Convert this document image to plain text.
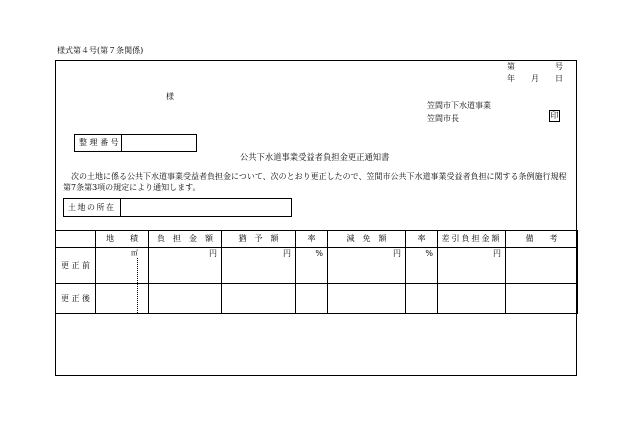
様式第４号(第７条関係)
第　　　号
年　　月　　日
様
笠間市下水道事業
笠間市長	印
整 理 番 号
公共下水道事業受益者負担金更正通知書
　次の土地に係る公共下水道事業受益者負担金について、次のとおり更正したので、笠間市公共下水道事業受益者負担に関する条例施行規程
第7条第3項の規定により通知します。
土地の所在
	地　　積	負　担　金　額	猶　予　額	率	減　免　額	率	差引負担金額	備　　考
更 正 前	㎡	円	円	%	円	%	円	

更 正 後	
